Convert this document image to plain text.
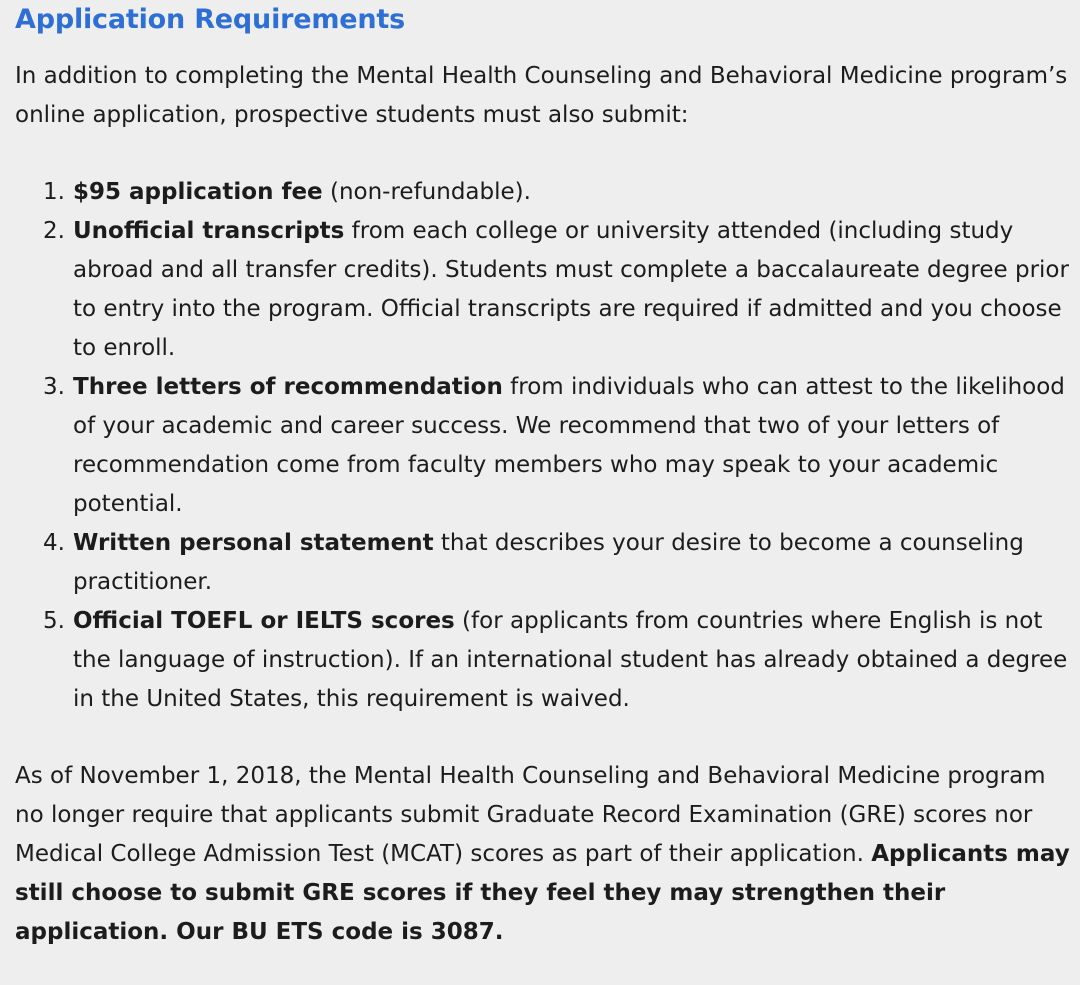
Application Requirements

In addition to completing the Mental Health Counseling and Behavioral Medicine program’s online application, prospective students must also submit:

1. $95 application fee (non-refundable).
2. Unofficial transcripts from each college or university attended (including study abroad and all transfer credits). Students must complete a baccalaureate degree prior to entry into the program. Official transcripts are required if admitted and you choose to enroll.
3. Three letters of recommendation from individuals who can attest to the likelihood of your academic and career success. We recommend that two of your letters of recommendation come from faculty members who may speak to your academic potential.
4. Written personal statement that describes your desire to become a counseling practitioner.
5. Official TOEFL or IELTS scores (for applicants from countries where English is not the language of instruction). If an international student has already obtained a degree in the United States, this requirement is waived.

As of November 1, 2018, the Mental Health Counseling and Behavioral Medicine program no longer require that applicants submit Graduate Record Examination (GRE) scores nor Medical College Admission Test (MCAT) scores as part of their application. Applicants may still choose to submit GRE scores if they feel they may strengthen their application. Our BU ETS code is 3087.
